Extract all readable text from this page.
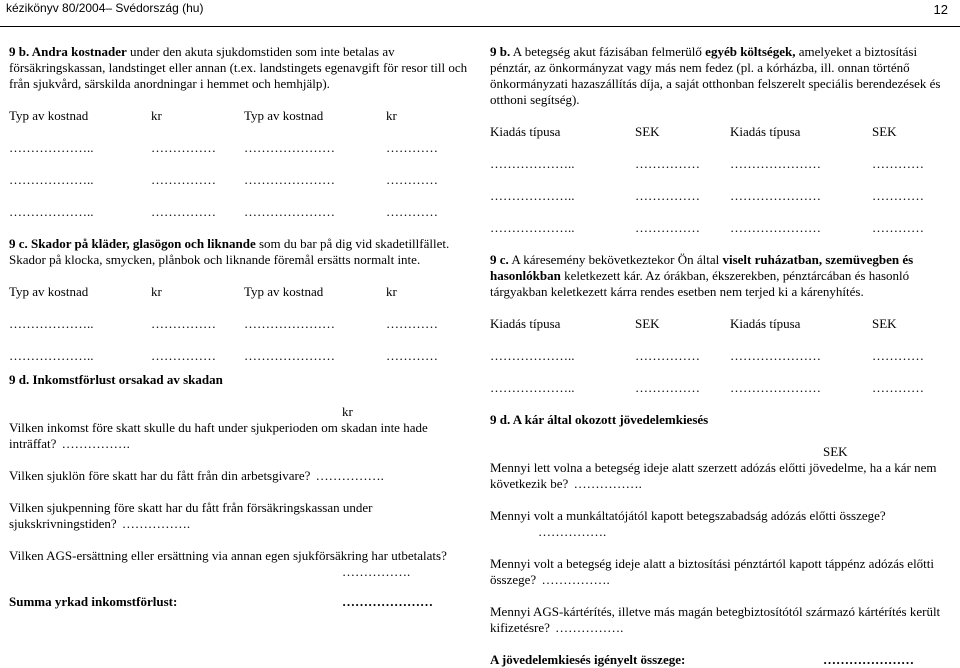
kézikönyv 80/2004– Svédország (hu)	12

9 b. Andra kostnader under den akuta sjukdomstiden som inte betalas av försäkringskassan, landstinget eller annan (t.ex. landstingets egenavgift för resor till och från sjukvård, särskilda anordningar i hemmet och hemhjälp).

Typ av kostnad	kr	Typ av kostnad	kr
………………..	……………	…………………	…………
………………..	……………	…………………	…………
………………..	……………	…………………	…………

9 c. Skador på kläder, glasögon och liknande som du bar på dig vid skadetillfället. Skador på klocka, smycken, plånbok och liknande föremål ersätts normalt inte.

Typ av kostnad	kr	Typ av kostnad	kr
………………..	……………	…………………	…………
………………..	……………	…………………	…………

9 d. Inkomstförlust orsakad av skadan

kr

Vilken inkomst före skatt skulle du haft under sjukperioden om skadan inte hade inträffat? …………….

Vilken sjuklön före skatt har du fått från din arbetsgivare? …………….

Vilken sjukpenning före skatt har du fått från försäkringskassan under sjukskrivningstiden? …………….

Vilken AGS-ersättning eller ersättning via annan egen sjukförsäkring har utbetalats?
…………….

Summa yrkad inkomstförlust:	…………………

9 b. A betegség akut fázisában felmerülő egyéb költségek, amelyeket a biztosítási pénztár, az önkormányzat vagy más nem fedez (pl. a kórházba, ill. onnan történő önkormányzati hazaszállítás díja, a saját otthonban felszerelt speciális berendezések és otthoni segítség).

Kiadás típusa	SEK	Kiadás típusa	SEK
………………..	……………	…………………	…………
………………..	……………	…………………	…………
………………..	……………	…………………	…………

9 c. A káresemény bekövetkeztekor Ön által viselt ruházatban, szemüvegben és hasonlókban keletkezett kár. Az órákban, ékszerekben, pénztárcában és hasonló tárgyakban keletkezett kárra rendes esetben nem terjed ki a kárenyhítés.

Kiadás típusa	SEK	Kiadás típusa	SEK
………………..	……………	…………………	…………
………………..	……………	…………………	…………

9 d. A kár által okozott jövedelemkiesés

SEK

Mennyi lett volna a betegség ideje alatt szerzett adózás előtti jövedelme, ha a kár nem következik be? …………….

Mennyi volt a munkáltatójától kapott betegszabadság adózás előtti összege?
…………….

Mennyi volt a betegség ideje alatt a biztosítási pénztártól kapott táppénz adózás előtti összege? …………….

Mennyi AGS-kártérítés, illetve más magán betegbiztosítótól származó kártérítés került kifizetésre? …………….

A jövedelemkiesés igényelt összege:	…………………
